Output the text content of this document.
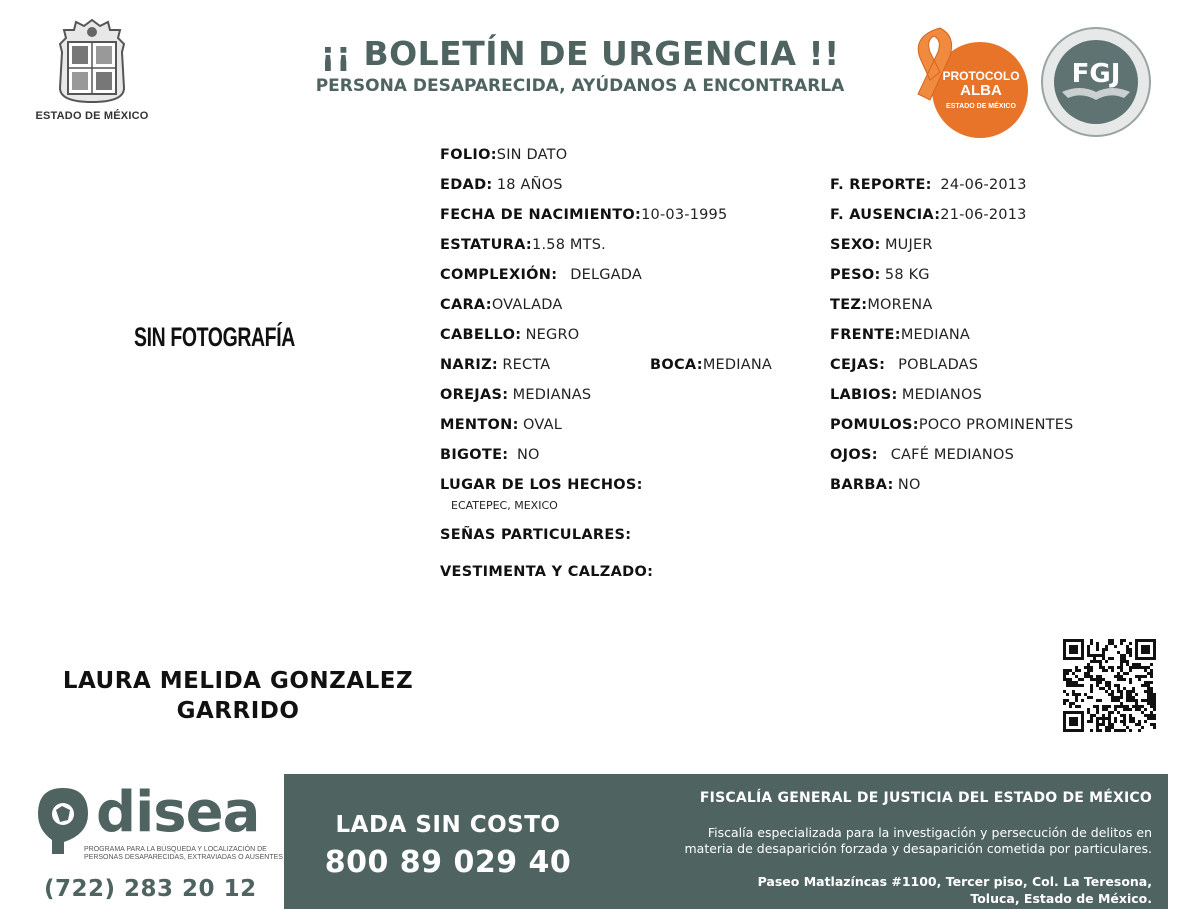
ESTADO DE MÉXICO
¡¡ BOLETÍN DE URGENCIA !!
PERSONA DESAPARECIDA, AYÚDANOS A ENCONTRARLA	PROTOCOLO
ALBA
ESTADO DE MÉXICO
FGJ
SIN FOTOGRAFÍA
FOLIO:SIN DATO
EDAD: 18 AÑOS
FECHA DE NACIMIENTO:10-03-1995
ESTATURA:1.58 MTS.
COMPLEXIÓN: DELGADA
CARA:OVALADA
CABELLO: NEGRO
NARIZ: RECTA	BOCA:MEDIANA
OREJAS: MEDIANAS
MENTON: OVAL
BIGOTE: NO
LUGAR DE LOS HECHOS:
ECATEPEC, MEXICO
SEÑAS PARTICULARES:
VESTIMENTA Y CALZADO:
F. REPORTE: 24-06-2013
F. AUSENCIA:21-06-2013
SEXO: MUJER
PESO: 58 KG
TEZ:MORENA
FRENTE:MEDIANA
CEJAS: POBLADAS
LABIOS: MEDIANOS
POMULOS:POCO PROMINENTES
OJOS: CAFÉ MEDIANOS
BARBA: NO
LAURA MELIDA GONZALEZ
GARRIDO
disea
PROGRAMA PARA LA BÚSQUEDA Y LOCALIZACIÓN DE PERSONAS DESAPARECIDAS, EXTRAVIADAS O AUSENTES
(722) 283 20 12
LADA SIN COSTO
800 89 029 40
FISCALÍA GENERAL DE JUSTICIA DEL ESTADO DE MÉXICO
Fiscalía especializada para la investigación y persecución de delitos en
materia de desaparición forzada y desaparición cometida por particulares.
Paseo Matlazíncas #1100, Tercer piso, Col. La Teresona,
Toluca, Estado de México.
